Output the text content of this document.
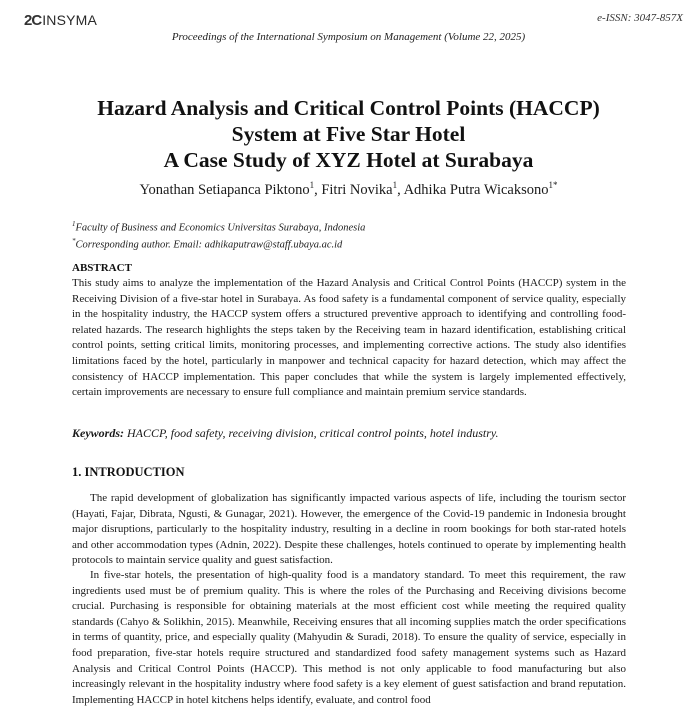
2C INSYMA	e-ISSN: 3047-857X
Proceedings of the International Symposium on Management (Volume 22, 2025)
Hazard Analysis and Critical Control Points (HACCP)
System at Five Star Hotel
A Case Study of XYZ Hotel at Surabaya
Yonathan Setiapanca Piktono$^1$, Fitri Novika$^1$, Adhika Putra Wicaksono$^{1*}$
$^1$Faculty of Business and Economics Universitas Surabaya, Indonesia
*Corresponding author. Email: adhikaputraw@staff.ubaya.ac.id
ABSTRACT
This study aims to analyze the implementation of the Hazard Analysis and Critical Control Points (HACCP) system in the Receiving Division of a five-star hotel in Surabaya. As food safety is a fundamental component of service quality, especially in the hospitality industry, the HACCP system offers a structured preventive approach to identifying and controlling food-related hazards. The research highlights the steps taken by the Receiving team in hazard identification, establishing critical control points, setting critical limits, monitoring processes, and implementing corrective actions. The study also identifies limitations faced by the hotel, particularly in manpower and technical capacity for hazard detection, which may affect the consistency of HACCP implementation. This paper concludes that while the system is largely implemented effectively, certain improvements are necessary to ensure full compliance and maintain premium service standards.
Keywords: HACCP, food safety, receiving division, critical control points, hotel industry.
1. INTRODUCTION
The rapid development of globalization has significantly impacted various aspects of life, including the tourism sector (Hayati, Fajar, Dibrata, Ngusti, & Gunagar, 2021). However, the emergence of the Covid-19 pandemic in Indonesia brought major disruptions, particularly to the hospitality industry, resulting in a decline in room bookings for both star-rated hotels and other accommodation types (Adnin, 2022). Despite these challenges, hotels continued to operate by implementing health protocols to maintain service quality and guest satisfaction.
In five-star hotels, the presentation of high-quality food is a mandatory standard. To meet this requirement, the raw ingredients used must be of premium quality. This is where the roles of the Purchasing and Receiving divisions become crucial. Purchasing is responsible for obtaining materials at the most efficient cost while meeting the required quality standards (Cahyo & Solikhin, 2015). Meanwhile, Receiving ensures that all incoming supplies match the order specifications in terms of quantity, price, and especially quality (Mahyudin & Suradi, 2018). To ensure the quality of service, especially in food preparation, five-star hotels require structured and standardized food safety management systems such as Hazard Analysis and Critical Control Points (HACCP). This method is not only applicable to food manufacturing but also increasingly relevant in the hospitality industry where food safety is a key element of guest satisfaction and brand reputation. Implementing HACCP in hotel kitchens helps identify, evaluate, and control food
